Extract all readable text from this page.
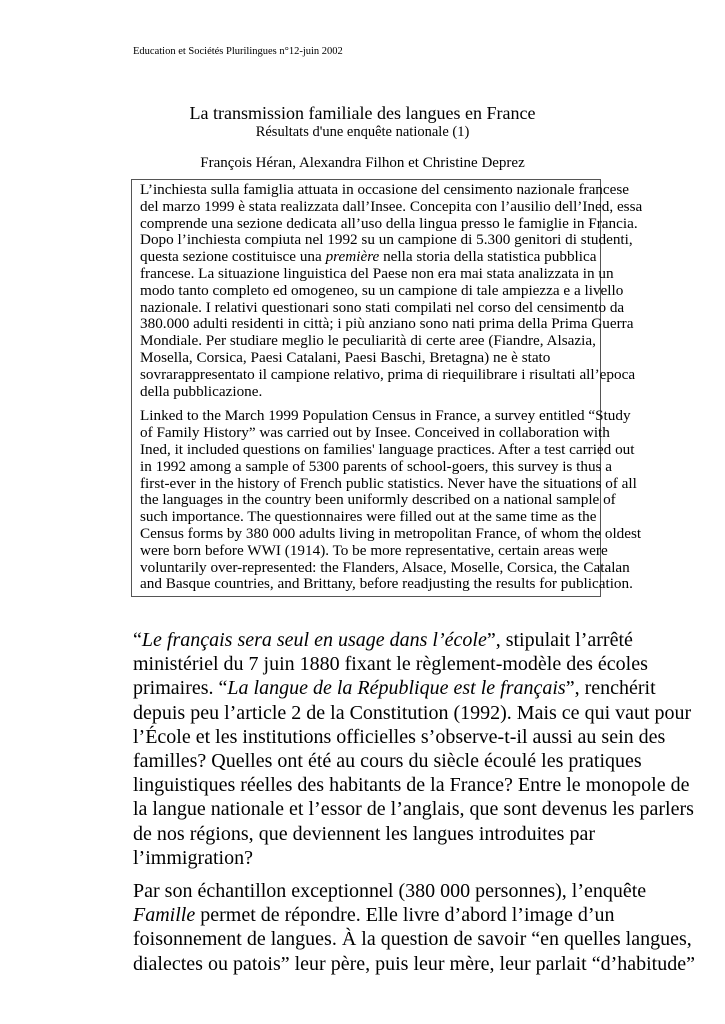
Education et Sociétés Plurilingues n°12-juin 2002
La transmission familiale des langues en France
Résultats d'une enquête nationale (1)
François Héran, Alexandra Filhon et Christine Deprez
L’inchiesta sulla famiglia attuata in occasione del censimento nazionale francese
del marzo 1999 è stata realizzata dall’Insee. Concepita con l’ausilio dell’Ined, essa
comprende una sezione dedicata all’uso della lingua presso le famiglie in Francia.
Dopo l’inchiesta compiuta nel 1992 su un campione di 5.300 genitori di studenti,
questa sezione costituisce una première nella storia della statistica pubblica
francese. La situazione linguistica del Paese non era mai stata analizzata in un
modo tanto completo ed omogeneo, su un campione di tale ampiezza e a livello
nazionale. I relativi questionari sono stati compilati nel corso del censimento da
380.000 adulti residenti in città; i più anziano sono nati prima della Prima Guerra
Mondiale. Per studiare meglio le peculiarità di certe aree (Fiandre, Alsazia,
Mosella, Corsica, Paesi Catalani, Paesi Baschi, Bretagna) ne è stato
sovrarappresentato il campione relativo, prima di riequilibrare i risultati all’epoca
della pubblicazione.
Linked to the March 1999 Population Census in France, a survey entitled “Study
of Family History” was carried out by Insee. Conceived in collaboration with
Ined, it included questions on families' language practices. After a test carried out
in 1992 among a sample of 5300 parents of school-goers, this survey is thus a
first-ever in the history of French public statistics. Never have the situations of all
the languages in the country been uniformly described on a national sample of
such importance. The questionnaires were filled out at the same time as the
Census forms by 380 000 adults living in metropolitan France, of whom the oldest
were born before WWI (1914). To be more representative, certain areas were
voluntarily over-represented: the Flanders, Alsace, Moselle, Corsica, the Catalan
and Basque countries, and Brittany, before readjusting the results for publication.
“Le français sera seul en usage dans l’école”, stipulait l’arrêté
ministériel du 7 juin 1880 fixant le règlement-modèle des écoles
primaires. “La langue de la République est le français”, renchérit
depuis peu l’article 2 de la Constitution (1992). Mais ce qui vaut pour
l’École et les institutions officielles s’observe-t-il aussi au sein des
familles? Quelles ont été au cours du siècle écoulé les pratiques
linguistiques réelles des habitants de la France? Entre le monopole de
la langue nationale et l’essor de l’anglais, que sont devenus les parlers
de nos régions, que deviennent les langues introduites par
l’immigration?
Par son échantillon exceptionnel (380 000 personnes), l’enquête
Famille permet de répondre. Elle livre d’abord l’image d’un
foisonnement de langues. À la question de savoir “en quelles langues,
dialectes ou patois” leur père, puis leur mère, leur parlait “d’habitude”
